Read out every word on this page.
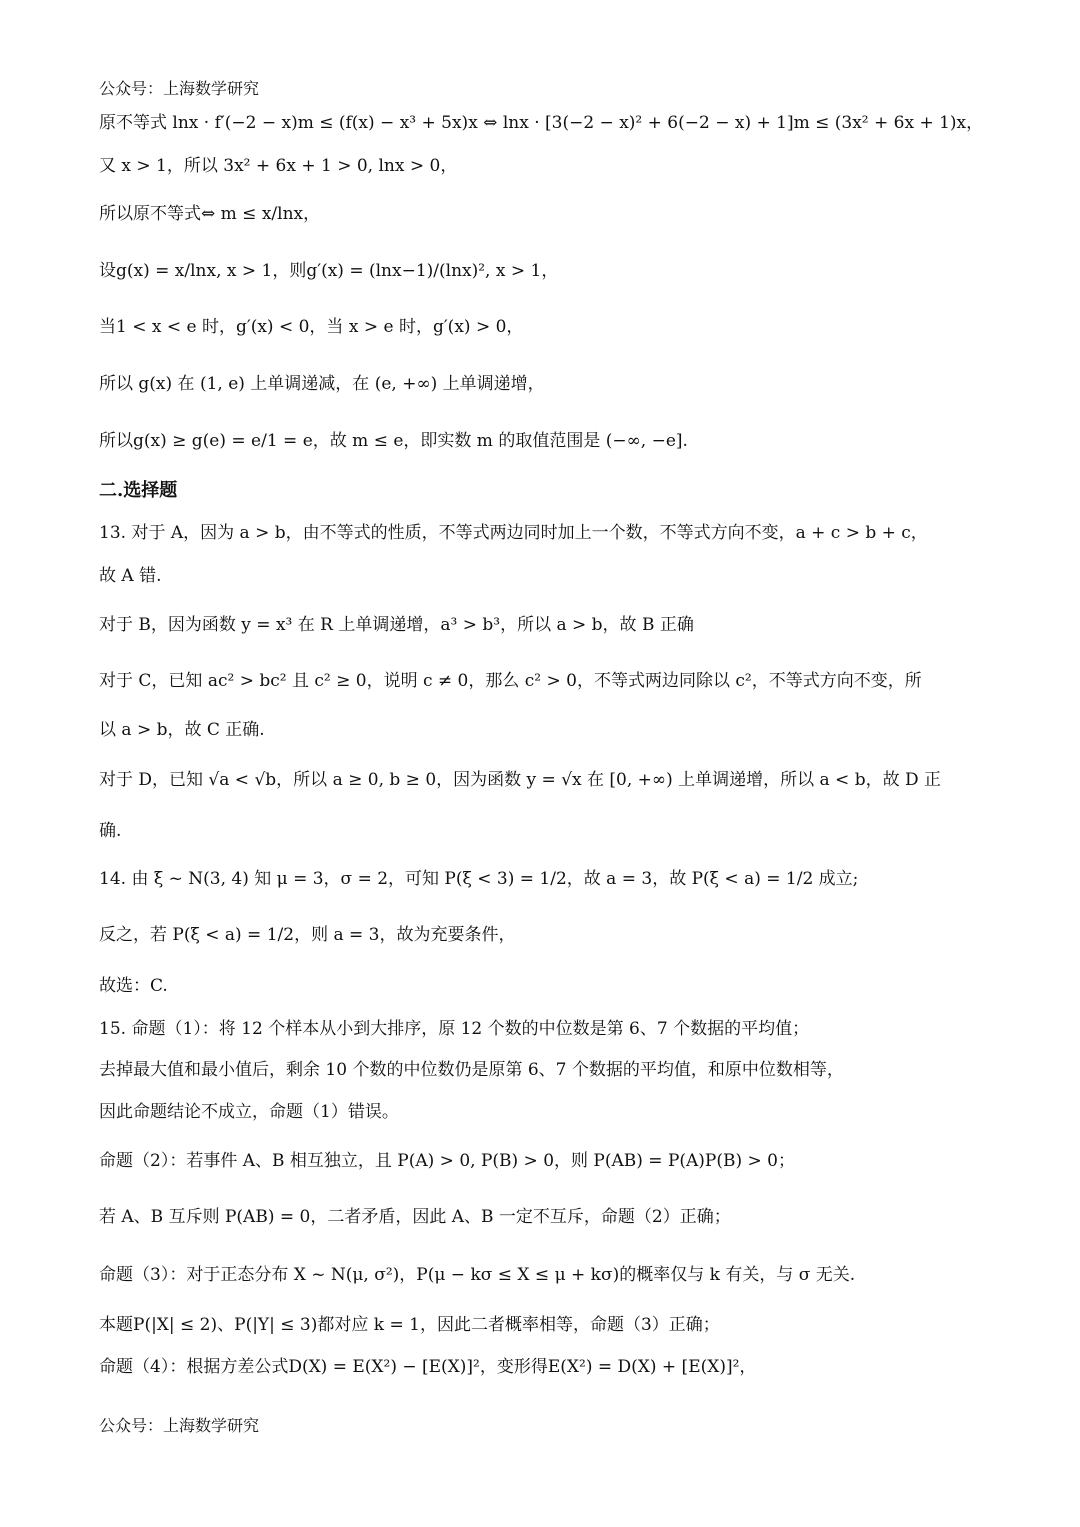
公众号：上海数学研究
原不等式 lnx · f′(−2 − x)m ≤ (f(x) − x³ + 5x)x ⇔ lnx · [3(−2 − x)² + 6(−2 − x) + 1]m ≤ (3x² + 6x + 1)x，
又 x > 1，所以 3x² + 6x + 1 > 0, lnx > 0，
所以原不等式⇔ m ≤ x/lnx，
设g(x) = x/lnx, x > 1，则g′(x) = (lnx−1)/(lnx)², x > 1，
当1 < x < e 时，g′(x) < 0，当 x > e 时，g′(x) > 0，
所以 g(x) 在 (1, e) 上单调递减，在 (e, +∞) 上单调递增，
所以g(x) ≥ g(e) = e/1 = e，故 m ≤ e，即实数 m 的取值范围是 (−∞, −e].
二.选择题
13. 对于 A，因为 a > b，由不等式的性质，不等式两边同时加上一个数，不等式方向不变，a + c > b + c，
故 A 错.
对于 B，因为函数 y = x³ 在 R 上单调递增，a³ > b³，所以 a > b，故 B 正确
对于 C，已知 ac² > bc² 且 c² ≥ 0，说明 c ≠ 0，那么 c² > 0，不等式两边同除以 c²，不等式方向不变，所
以 a > b，故 C 正确.
对于 D，已知 √a < √b，所以 a ≥ 0, b ≥ 0，因为函数 y = √x 在 [0, +∞) 上单调递增，所以 a < b，故 D 正
确.
14. 由 ξ ~ N(3, 4) 知 μ = 3，σ = 2，可知 P(ξ < 3) = 1/2，故 a = 3，故 P(ξ < a) = 1/2 成立;
反之，若 P(ξ < a) = 1/2，则 a = 3，故为充要条件，
故选：C.
15. 命题（1）：将 12 个样本从小到大排序，原 12 个数的中位数是第 6、7 个数据的平均值；
去掉最大值和最小值后，剩余 10 个数的中位数仍是原第 6、7 个数据的平均值，和原中位数相等，
因此命题结论不成立，命题（1）错误。
命题（2）：若事件 A、B 相互独立，且 P(A) > 0, P(B) > 0，则 P(AB) = P(A)P(B) > 0；
若 A、B 互斥则 P(AB) = 0，二者矛盾，因此 A、B 一定不互斥，命题（2）正确；
命题（3）：对于正态分布 X ~ N(μ, σ²)，P(μ − kσ ≤ X ≤ μ + kσ)的概率仅与 k 有关，与 σ 无关.
本题P(|X| ≤ 2)、P(|Y| ≤ 3)都对应 k = 1，因此二者概率相等，命题（3）正确；
命题（4）：根据方差公式D(X) = E(X²) − [E(X)]²，变形得E(X²) = D(X) + [E(X)]²，
公众号：上海数学研究
